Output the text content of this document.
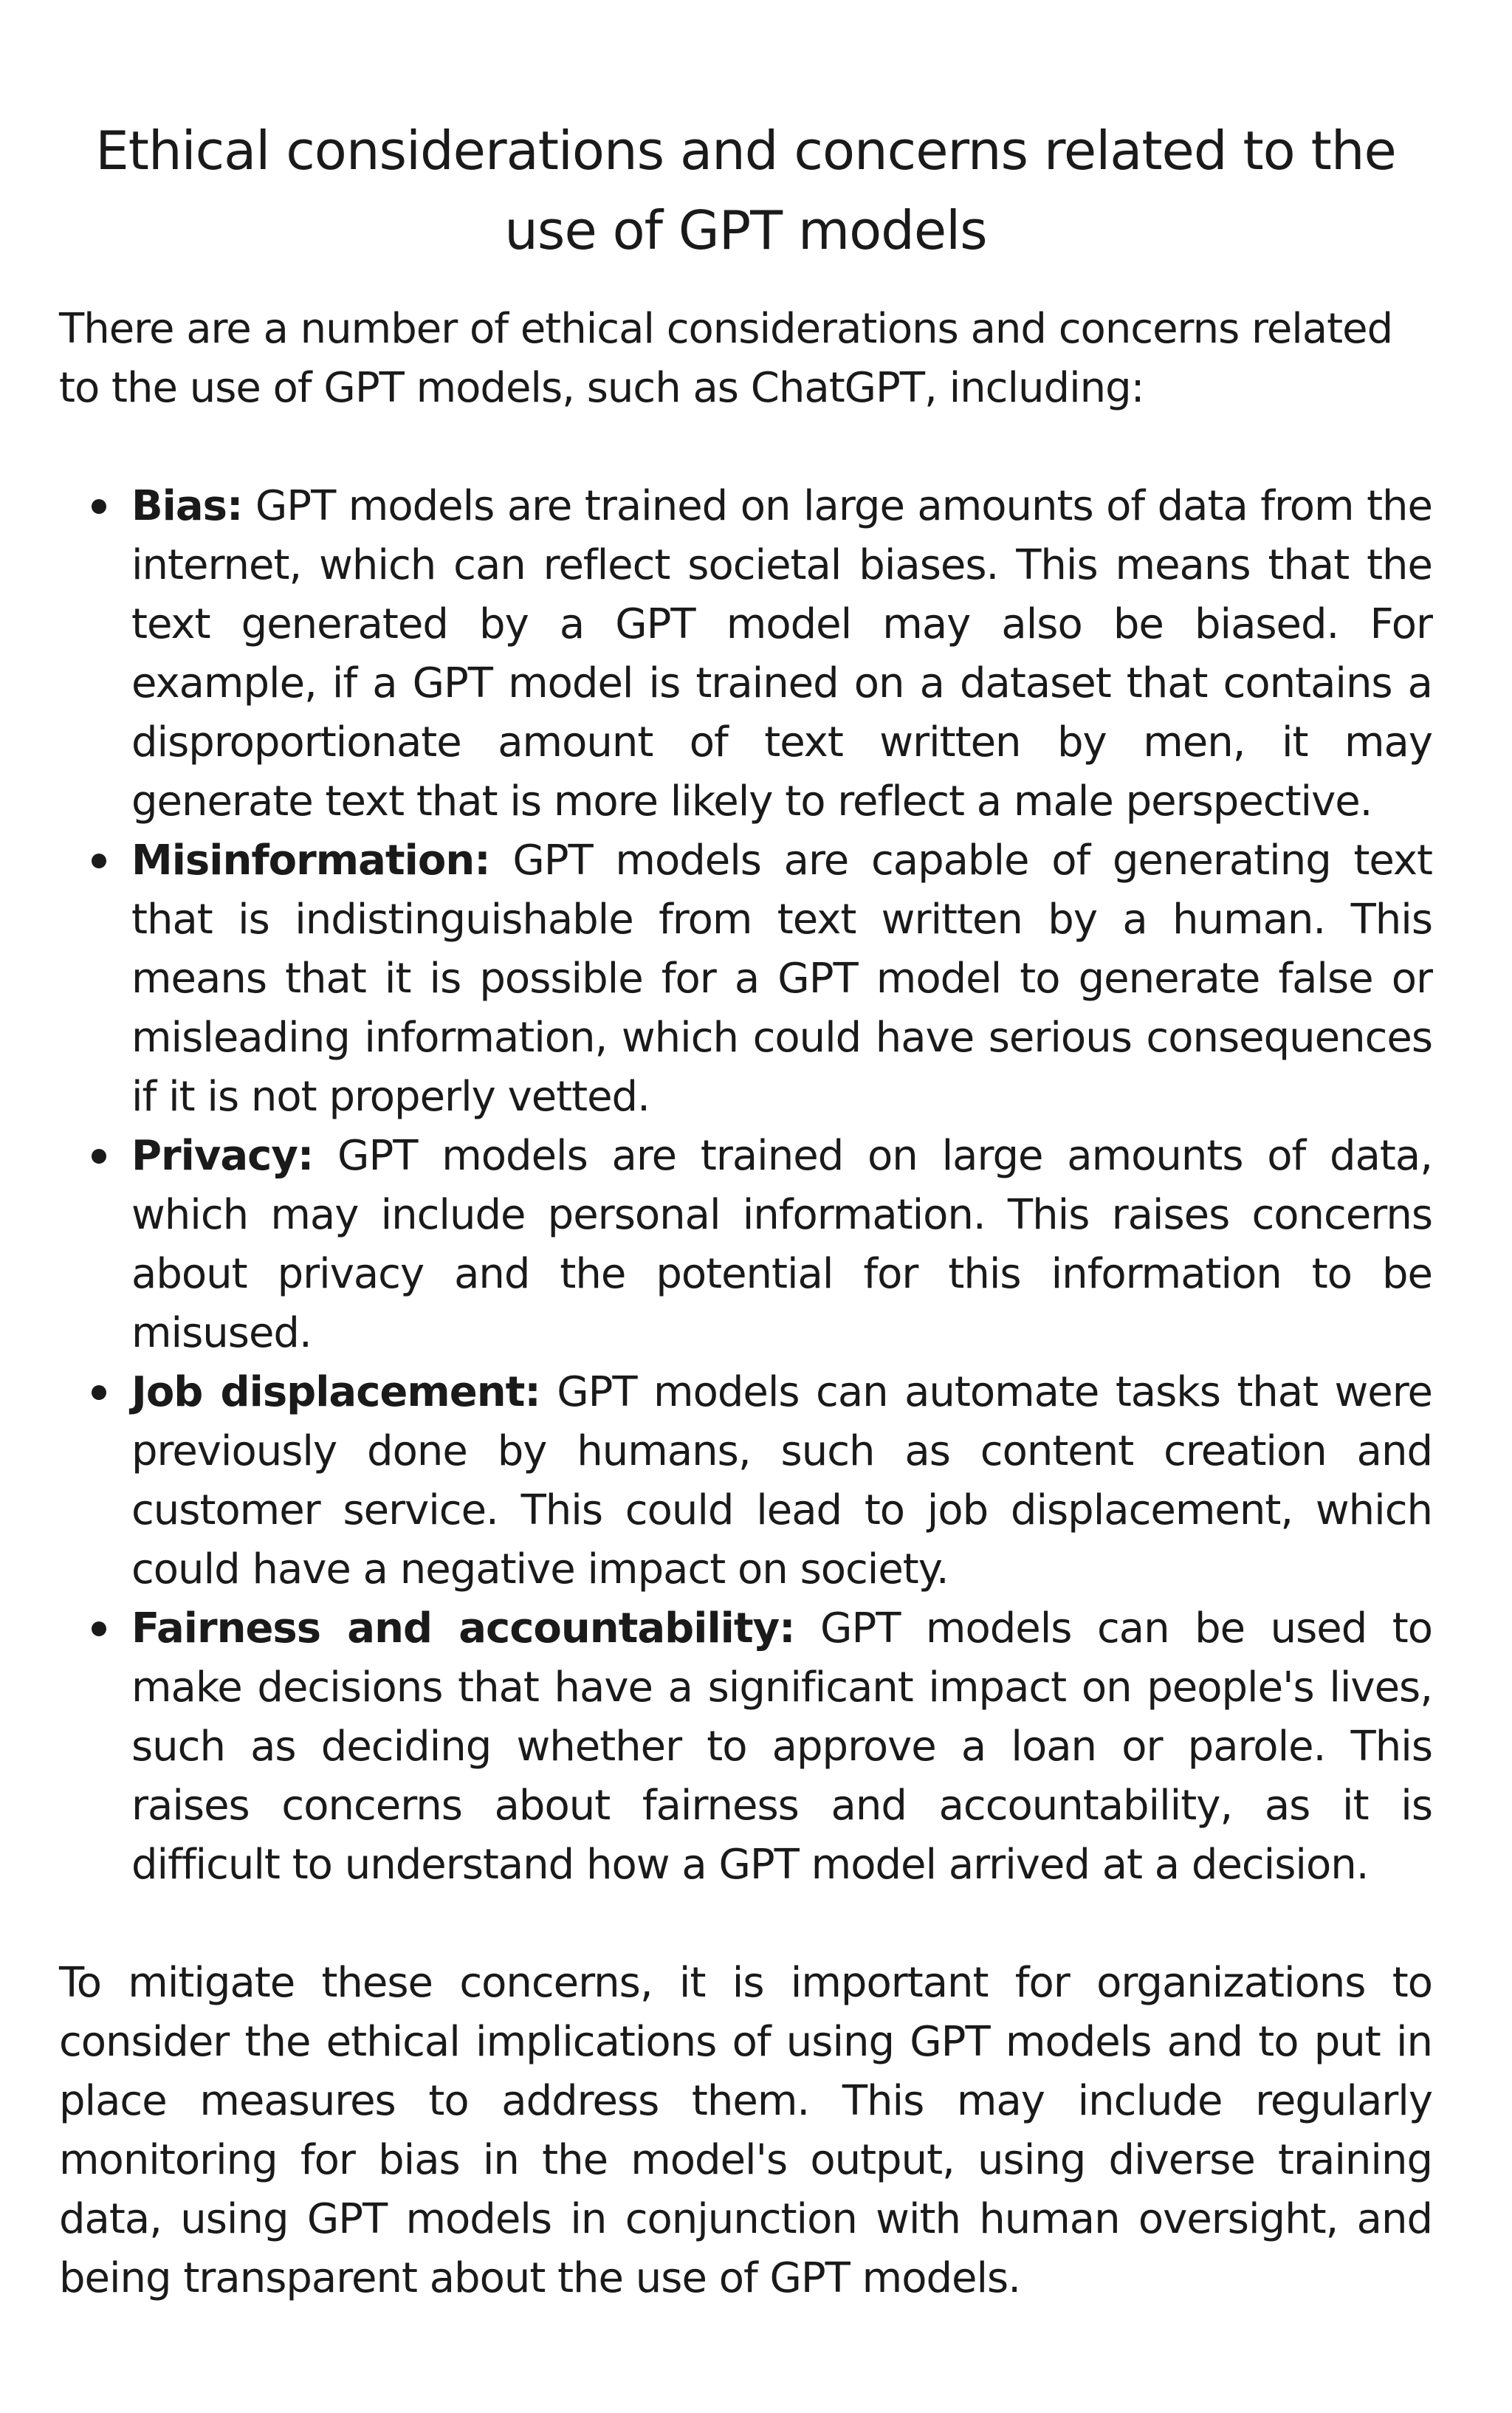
Ethical considerations and concerns related to the use of GPT models

There are a number of ethical considerations and concerns related to the use of GPT models, such as ChatGPT, including:

Bias: GPT models are trained on large amounts of data from the internet, which can reflect societal biases. This means that the text generated by a GPT model may also be biased. For example, if a GPT model is trained on a dataset that contains a disproportionate amount of text written by men, it may generate text that is more likely to reflect a male perspective.
Misinformation: GPT models are capable of generating text that is indistinguishable from text written by a human. This means that it is possible for a GPT model to generate false or misleading information, which could have serious consequences if it is not properly vetted.
Privacy: GPT models are trained on large amounts of data, which may include personal information. This raises concerns about privacy and the potential for this information to be misused.
Job displacement: GPT models can automate tasks that were previously done by humans, such as content creation and customer service. This could lead to job displacement, which could have a negative impact on society.
Fairness and accountability: GPT models can be used to make decisions that have a significant impact on people's lives, such as deciding whether to approve a loan or parole. This raises concerns about fairness and accountability, as it is difficult to understand how a GPT model arrived at a decision.

To mitigate these concerns, it is important for organizations to consider the ethical implications of using GPT models and to put in place measures to address them. This may include regularly monitoring for bias in the model's output, using diverse training data, using GPT models in conjunction with human oversight, and being transparent about the use of GPT models.
